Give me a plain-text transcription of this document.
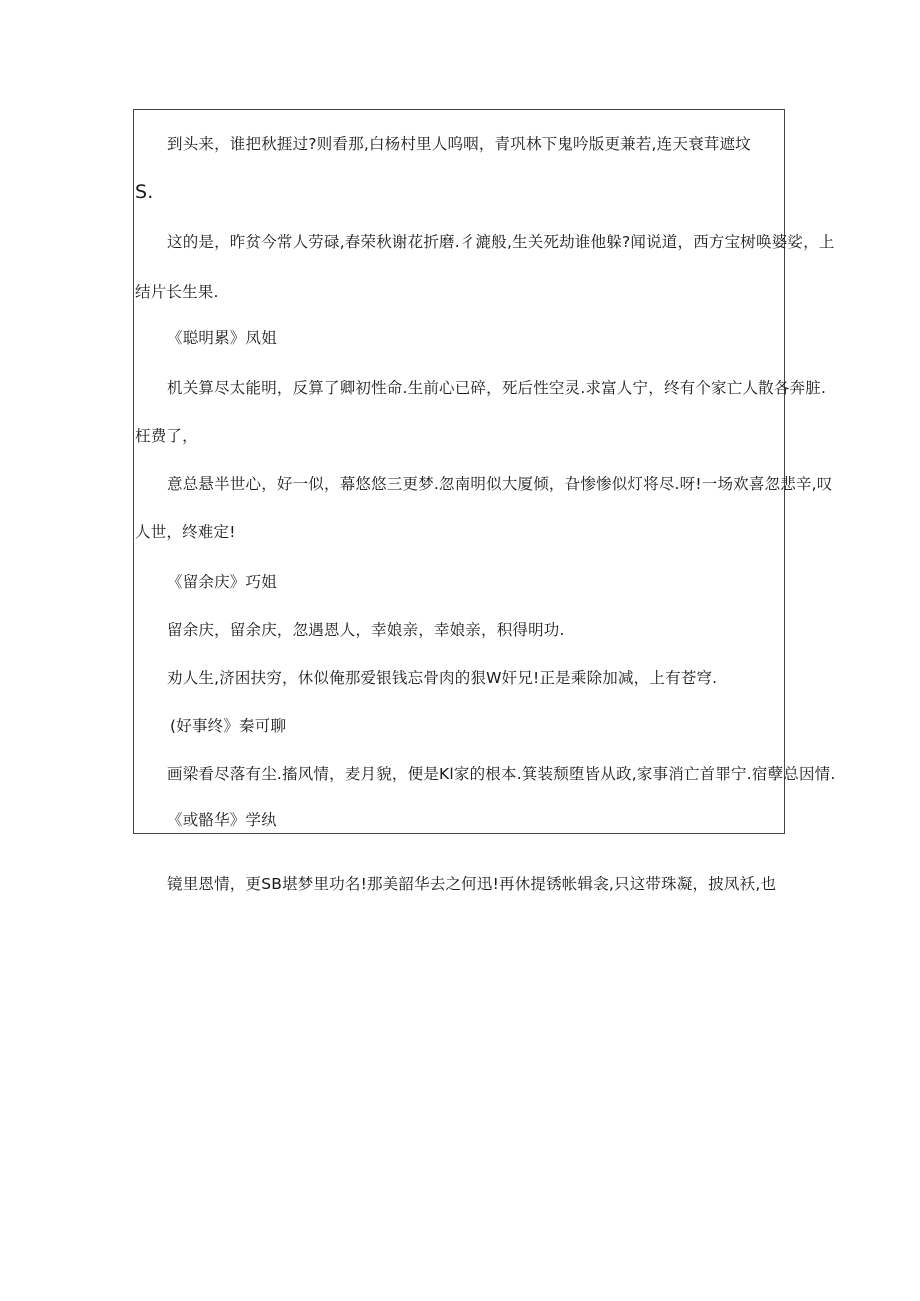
到头来，谁把秋捱过?则看那,白杨村里人呜咽，青巩林下鬼吟版更兼若,连天衰茸遮坟
S.
这的是，昨贫今常人劳碌,春荣秋谢花折磨.彳漉般,生关死劫谁他躲?闻说道，西方宝树唤婆娑，上
结片长生果.
《聪明累》凤姐
机关算尽太能明，反算了卿初性命.生前心已碎，死后性空灵.求富人宁，终有个家亡人散各奔脏.
枉费了，
意总悬半世心，好一似，幕悠悠三更梦.忽南明似大厦倾，旮惨惨似灯将尽.呀!一场欢喜忽悲辛,叹
人世，终难定!
《留余庆》巧姐
留余庆，留余庆，忽遇恩人，幸娘亲，幸娘亲，积得明功.
劝人生,济困扶穷，休似俺那爱银钱忘骨肉的狠W奸兄!正是乘除加减，上有苍穹.
(好事终》秦可聊
画梁看尽落有尘.搐风情，麦月貌，便是Kl家的根本.箕装颓堕皆从政,家事消亡首罪宁.宿孽总因情.
《或骼华》学纨
镜里恩情，更SB堪梦里功名!那美韶华去之何迅!再休提锈帐辑衾,只这带珠凝，披凤袄,也
